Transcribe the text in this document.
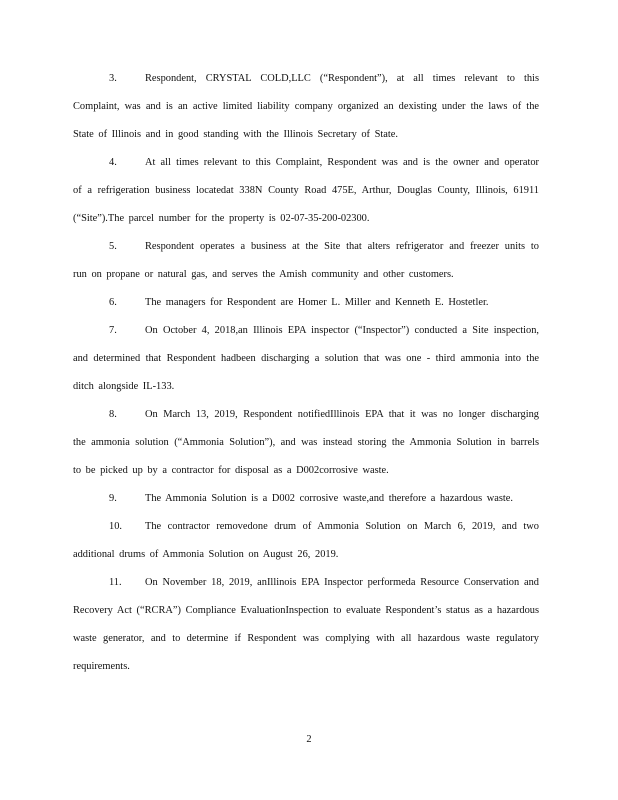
3.	Respondent, CRYSTAL COLD,LLC (“Respondent”), at all times relevant to this Complaint, was and is an active limited liability company organized an dexisting under the laws of the State of Illinois and in good standing with the Illinois Secretary of State.

4.	At all times relevant to this Complaint, Respondent was and is the owner and operator of a refrigeration business locatedat 338N County Road 475E, Arthur, Douglas County, Illinois, 61911 (“Site”).The parcel number for the property is 02-07-35-200-02300.

5.	Respondent operates a business at the Site that alters refrigerator and freezer units to run on propane or natural gas, and serves the Amish community and other customers.

6.	The managers for Respondent are Homer L. Miller and Kenneth E. Hostetler.

7.	On October 4, 2018,an Illinois EPA inspector (“Inspector”) conducted a Site inspection, and determined that Respondent hadbeen discharging a solution that was one - third ammonia into the ditch alongside IL-133.

8.	On March 13, 2019, Respondent notifiedIllinois EPA that it was no longer discharging the ammonia solution (“Ammonia Solution”), and was instead storing the Ammonia Solution in barrels to be picked up by a contractor for disposal as a D002corrosive waste.

9.	The Ammonia Solution is a D002 corrosive waste,and therefore a hazardous waste.

10. The contractor removedone drum of Ammonia Solution on March 6, 2019, and two additional drums of Ammonia Solution on August 26, 2019.

11. On November 18, 2019, anIllinois EPA Inspector performeda Resource Conservation and Recovery Act (“RCRA”) Compliance EvaluationInspection to evaluate Respondent’s status as a hazardous waste generator, and to determine if Respondent was complying with all hazardous waste regulatory requirements.

2
